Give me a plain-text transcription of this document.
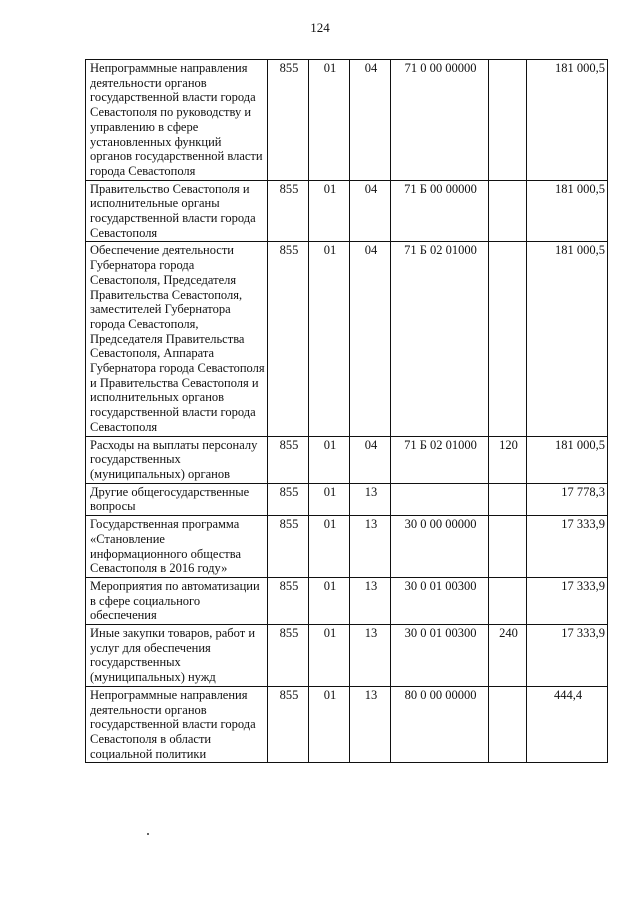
124
Непрограммные направления деятельности органов государственной власти города Севастополя по руководству и управлению в сфере установленных функций органов государственной власти города Севастополя	855	01	04	71 0 00 00000		181 000,5
Правительство Севастополя и исполнительные органы государственной власти города Севастополя	855	01	04	71 Б 00 00000		181 000,5
Обеспечение деятельности Губернатора города Севастополя, Председателя Правительства Севастополя, заместителей Губернатора города Севастополя, Председателя Правительства Севастополя, Аппарата Губернатора города Севастополя и Правительства Севастополя и исполнительных органов государственной власти города Севастополя	855	01	04	71 Б 02 01000		181 000,5
Расходы на выплаты персоналу государственных (муниципальных) органов	855	01	04	71 Б 02 01000	120	181 000,5
Другие общегосударственные вопросы	855	01	13			17 778,3
Государственная программа «Становление информационного общества Севастополя в 2016 году»	855	01	13	30 0 00 00000		17 333,9
Мероприятия по автоматизации в сфере социального обеспечения	855	01	13	30 0 01 00300		17 333,9
Иные закупки товаров, работ и услуг для обеспечения государственных (муниципальных) нужд	855	01	13	30 0 01 00300	240	17 333,9
Непрограммные направления деятельности органов государственной власти города Севастополя в области социальной политики	855	01	13	80 0 00 00000		444,4
